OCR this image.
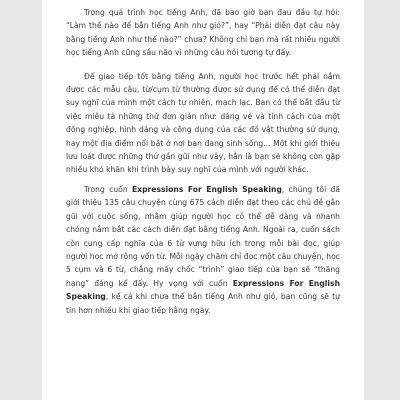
Trong quá trình học tiếng Anh, đã bao giờ bạn đau đầu tự hỏi: “Làm thế nào để bắn tiếng Anh như gió?”, hay “Phải diễn đạt câu này bằng tiếng Anh như thế nào?” chưa? Không chỉ bạn mà rất nhiều người học tiếng Anh cũng sầu não vì những câu hỏi tương tự đấy.

Để giao tiếp tốt bằng tiếng Anh, người học trước hết phải nắm được các mẫu câu, từ/cụm từ thường được sử dụng để có thể diễn đạt suy nghĩ của mình một cách tự nhiên, mạch lạc. Bạn có thể bắt đầu từ việc miêu tả những thứ đơn giản như: dáng vẻ và tính cách của một đồng nghiệp, hình dáng và công dụng của các đồ vật thường sử dụng, hay một địa điểm nổi bật ở nơi bạn đang sinh sống... Một khi giới thiệu lưu loát được những thứ gần gũi như vậy, hẳn là bạn sẽ không còn gặp nhiều khó khăn khi trình bày suy nghĩ của mình với người khác.

Trong cuốn Expressions For English Speaking, chúng tôi đã giới thiệu 135 câu chuyện cùng 675 cách diễn đạt theo các chủ đề gắn gũi với cuộc sống, nhằm giúp người học có thể dễ dàng và nhanh chóng nắm bắt các cách diễn đạt bằng tiếng Anh. Ngoài ra, cuốn sách còn cung cấp nghĩa của 6 từ vựng hữu ích trong mỗi bài đọc, giúp người học mở rộng vốn từ. Mỗi ngày chăm chỉ đọc một câu chuyện, học 5 cụm và 6 từ, chẳng mấy chốc “trình” giao tiếp của bạn sẽ “thăng hạng” đáng kể đấy. Hy vọng với cuốn Expressions For English Speaking, kể cả khi chưa thể bắn tiếng Anh như gió, bạn cũng sẽ tự tin hơn nhiều khi giao tiếp hằng ngày.
